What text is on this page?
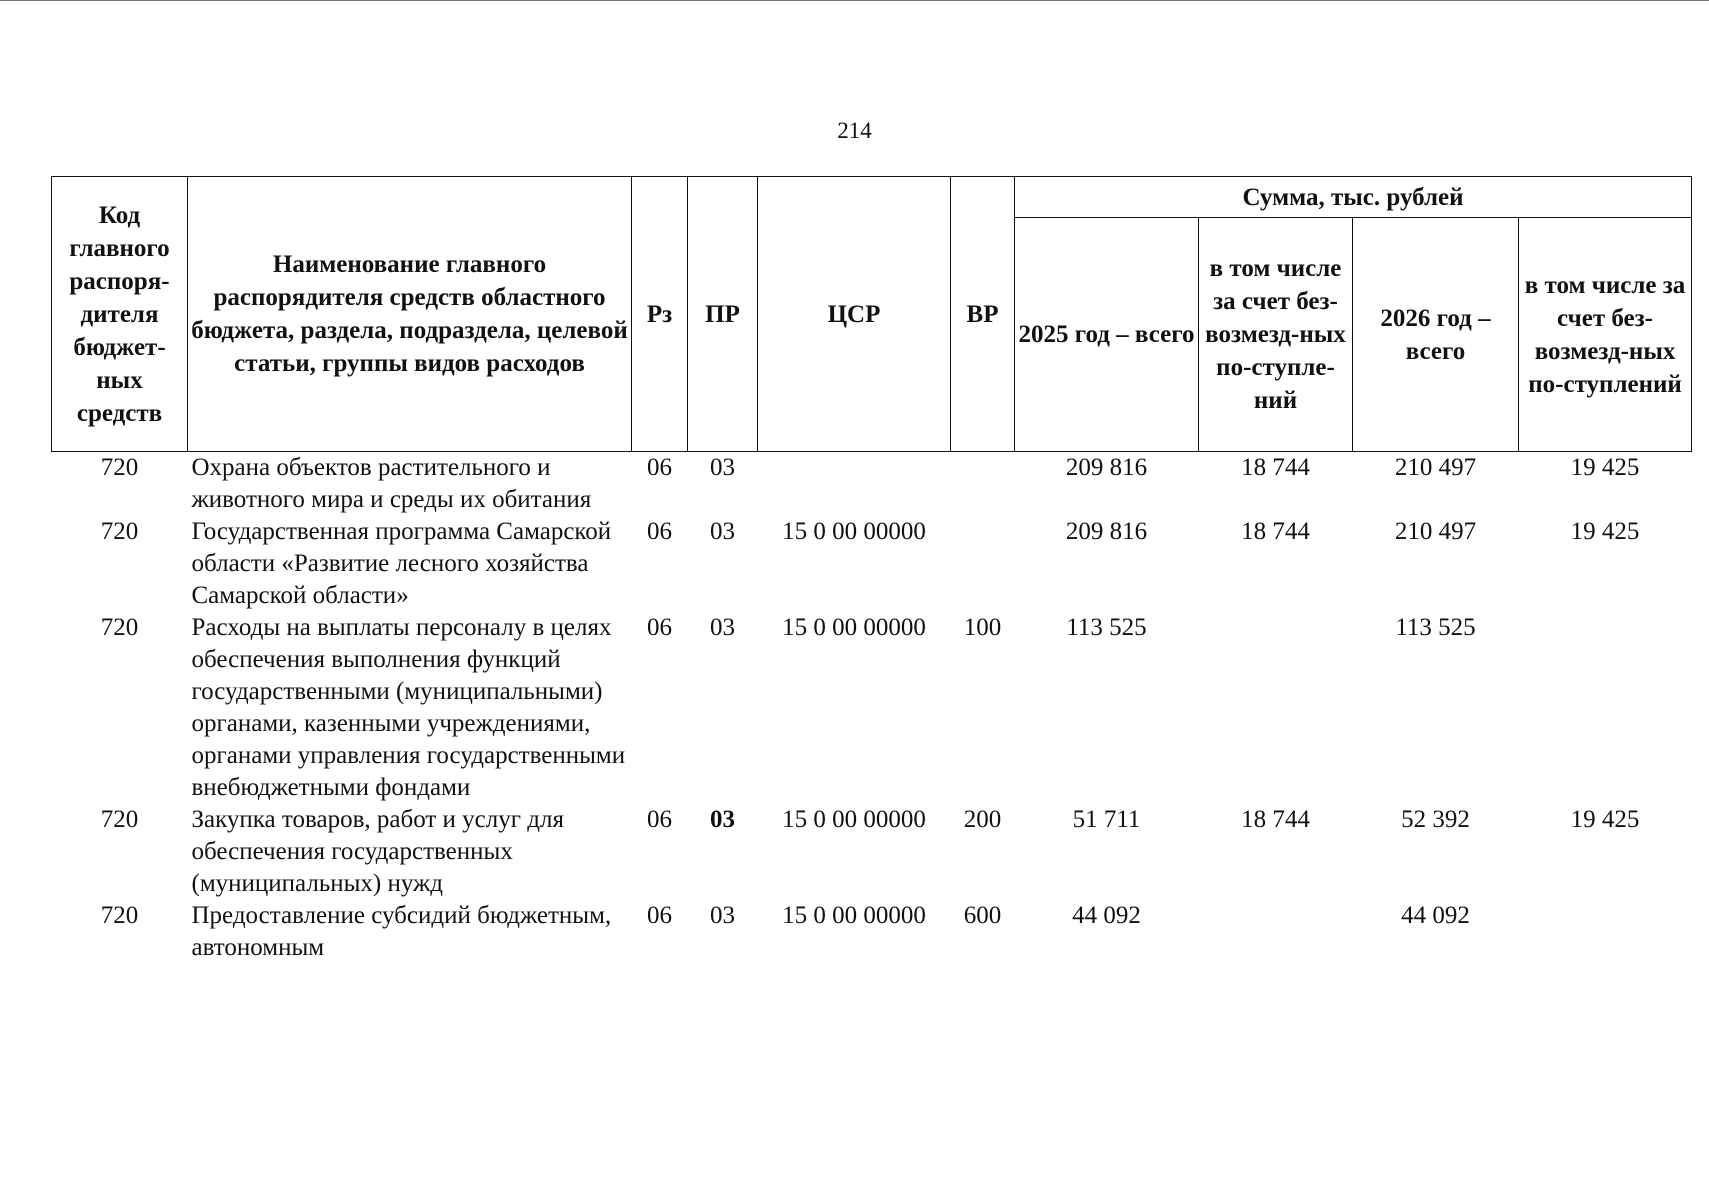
214
Код главного распоря-дителя бюджет-ных средств	Наименование главного распорядителя средств областного бюджета, раздела, подраздела, целевой статьи, группы видов расходов	Рз	ПР	ЦСР	ВР	Сумма, тыс. рублей			
						2025 год – всего	в том числе за счет без-возмезд-ных по-ступле-ний	2026 год – всего	в том числе за счет без-возмезд-ных по-ступлений
720	Охрана объектов растительного и животного мира и среды их обитания	06	03			209 816	18 744	210 497	19 425
720	Государственная программа Самарской области «Развитие лесного хозяйства Самарской области»	06	03	15 0 00 00000		209 816	18 744	210 497	19 425
720	Расходы на выплаты персоналу в целях обеспечения выполнения функций государственными (муниципальными) органами, казенными учреждениями, органами управления государственными внебюджетными фондами	06	03	15 0 00 00000	100	113 525		113 525	
720	Закупка товаров, работ и услуг для обеспечения государственных (муниципальных) нужд	06	03	15 0 00 00000	200	51 711	18 744	52 392	19 425
720	Предоставление субсидий бюджетным, автономным	06	03	15 0 00 00000	600	44 092		44 092	
